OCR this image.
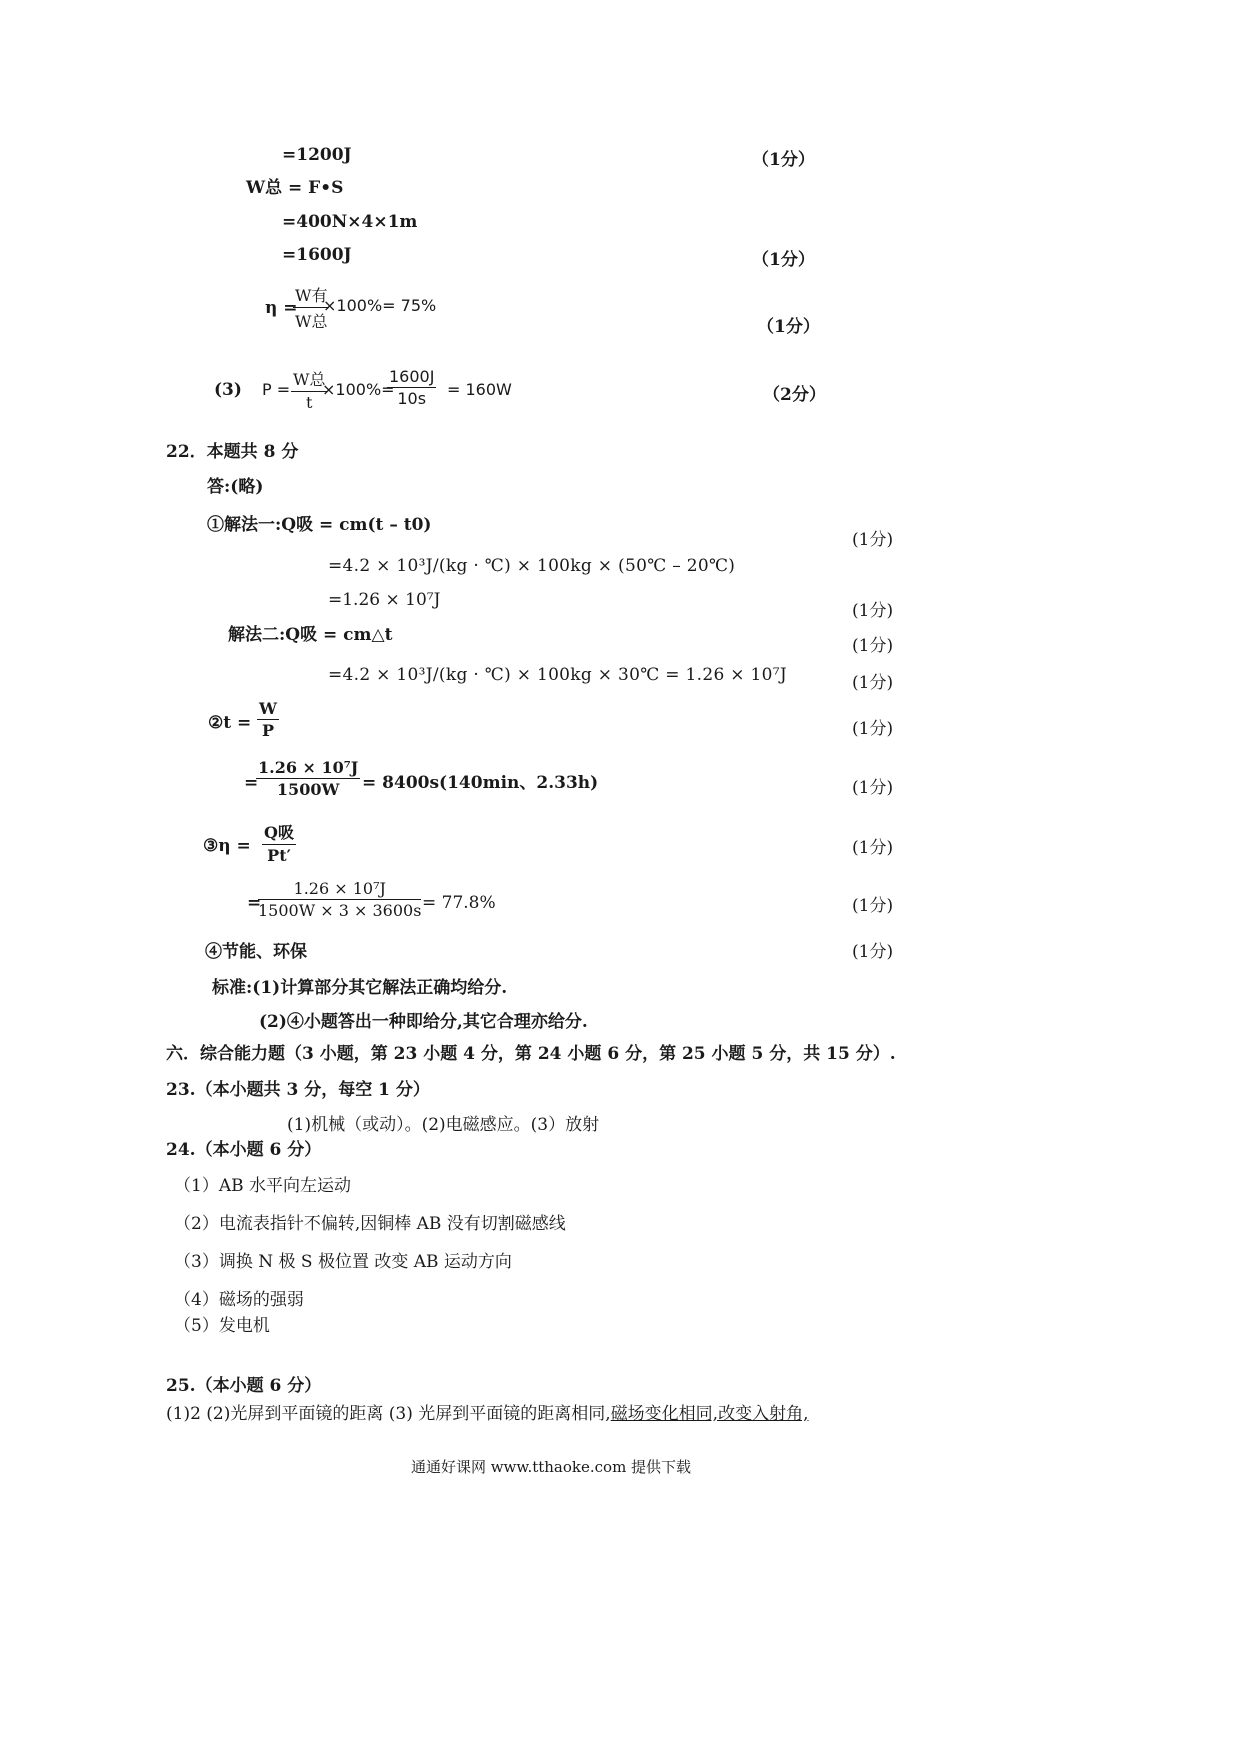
=1200J	（1分）
W总 = F•S
=400N×4×1m
=1600J	（1分）
η =
W有
W总
×100%= 75%
（1分）
(3) P =
W总
t
×100%=
$\frac{1600J}{10s} = 160W$	（2分）
22．本题共 8 分
答:(略)
①解法一:Q吸 = cm(t – t0)
(1分)
=4.2 × 10³J/(kg · ℃) × 100kg × (50℃ – 20℃)
=1.26 × 10⁷J
(1分)
解法二:Q吸 = cm△t
(1分)
=4.2 × 10³J/(kg · ℃) × 100kg × 30℃ = 1.26 × 10⁷J	(1分)
②t = $\frac{W}{P}$	(1分)
=
$\frac{\text{1.26 × 10⁷J}}{1500W} = 8400s(140\min$、2.33h)	(1分)
③η =
Q吸
Pt′	(1分)
=
$\frac{\text{1.26 × 10⁷J}}{1500W \times 3 \times 3600s} = 77.8\%$	(1分)
④节能、环保	(1分)
标准:(1)计算部分其它解法正确均给分.
(2)④小题答出一种即给分,其它合理亦给分.
六．综合能力题（3 小题，第 23 小题 4 分，第 24 小题 6 分，第 25 小题 5 分，共 15 分）.
23.（本小题共 3 分，每空 1 分）
(1)机械（或动）。(2)电磁感应。(3）放射
24.（本小题 6 分）
（1）AB 水平向左运动
（2）电流表指针不偏转,因铜棒 AB 没有切割磁感线
（3）调换 N 极 S 极位置 改变 AB 运动方向
（4）磁场的强弱
（5）发电机
25.（本小题 6 分）
(1)2 (2)光屏到平面镜的距离 (3) 光屏到平面镜的距离相同,磁场变化相同,改变入射角,
通通好课网 www.tthaoke.com 提供下载
